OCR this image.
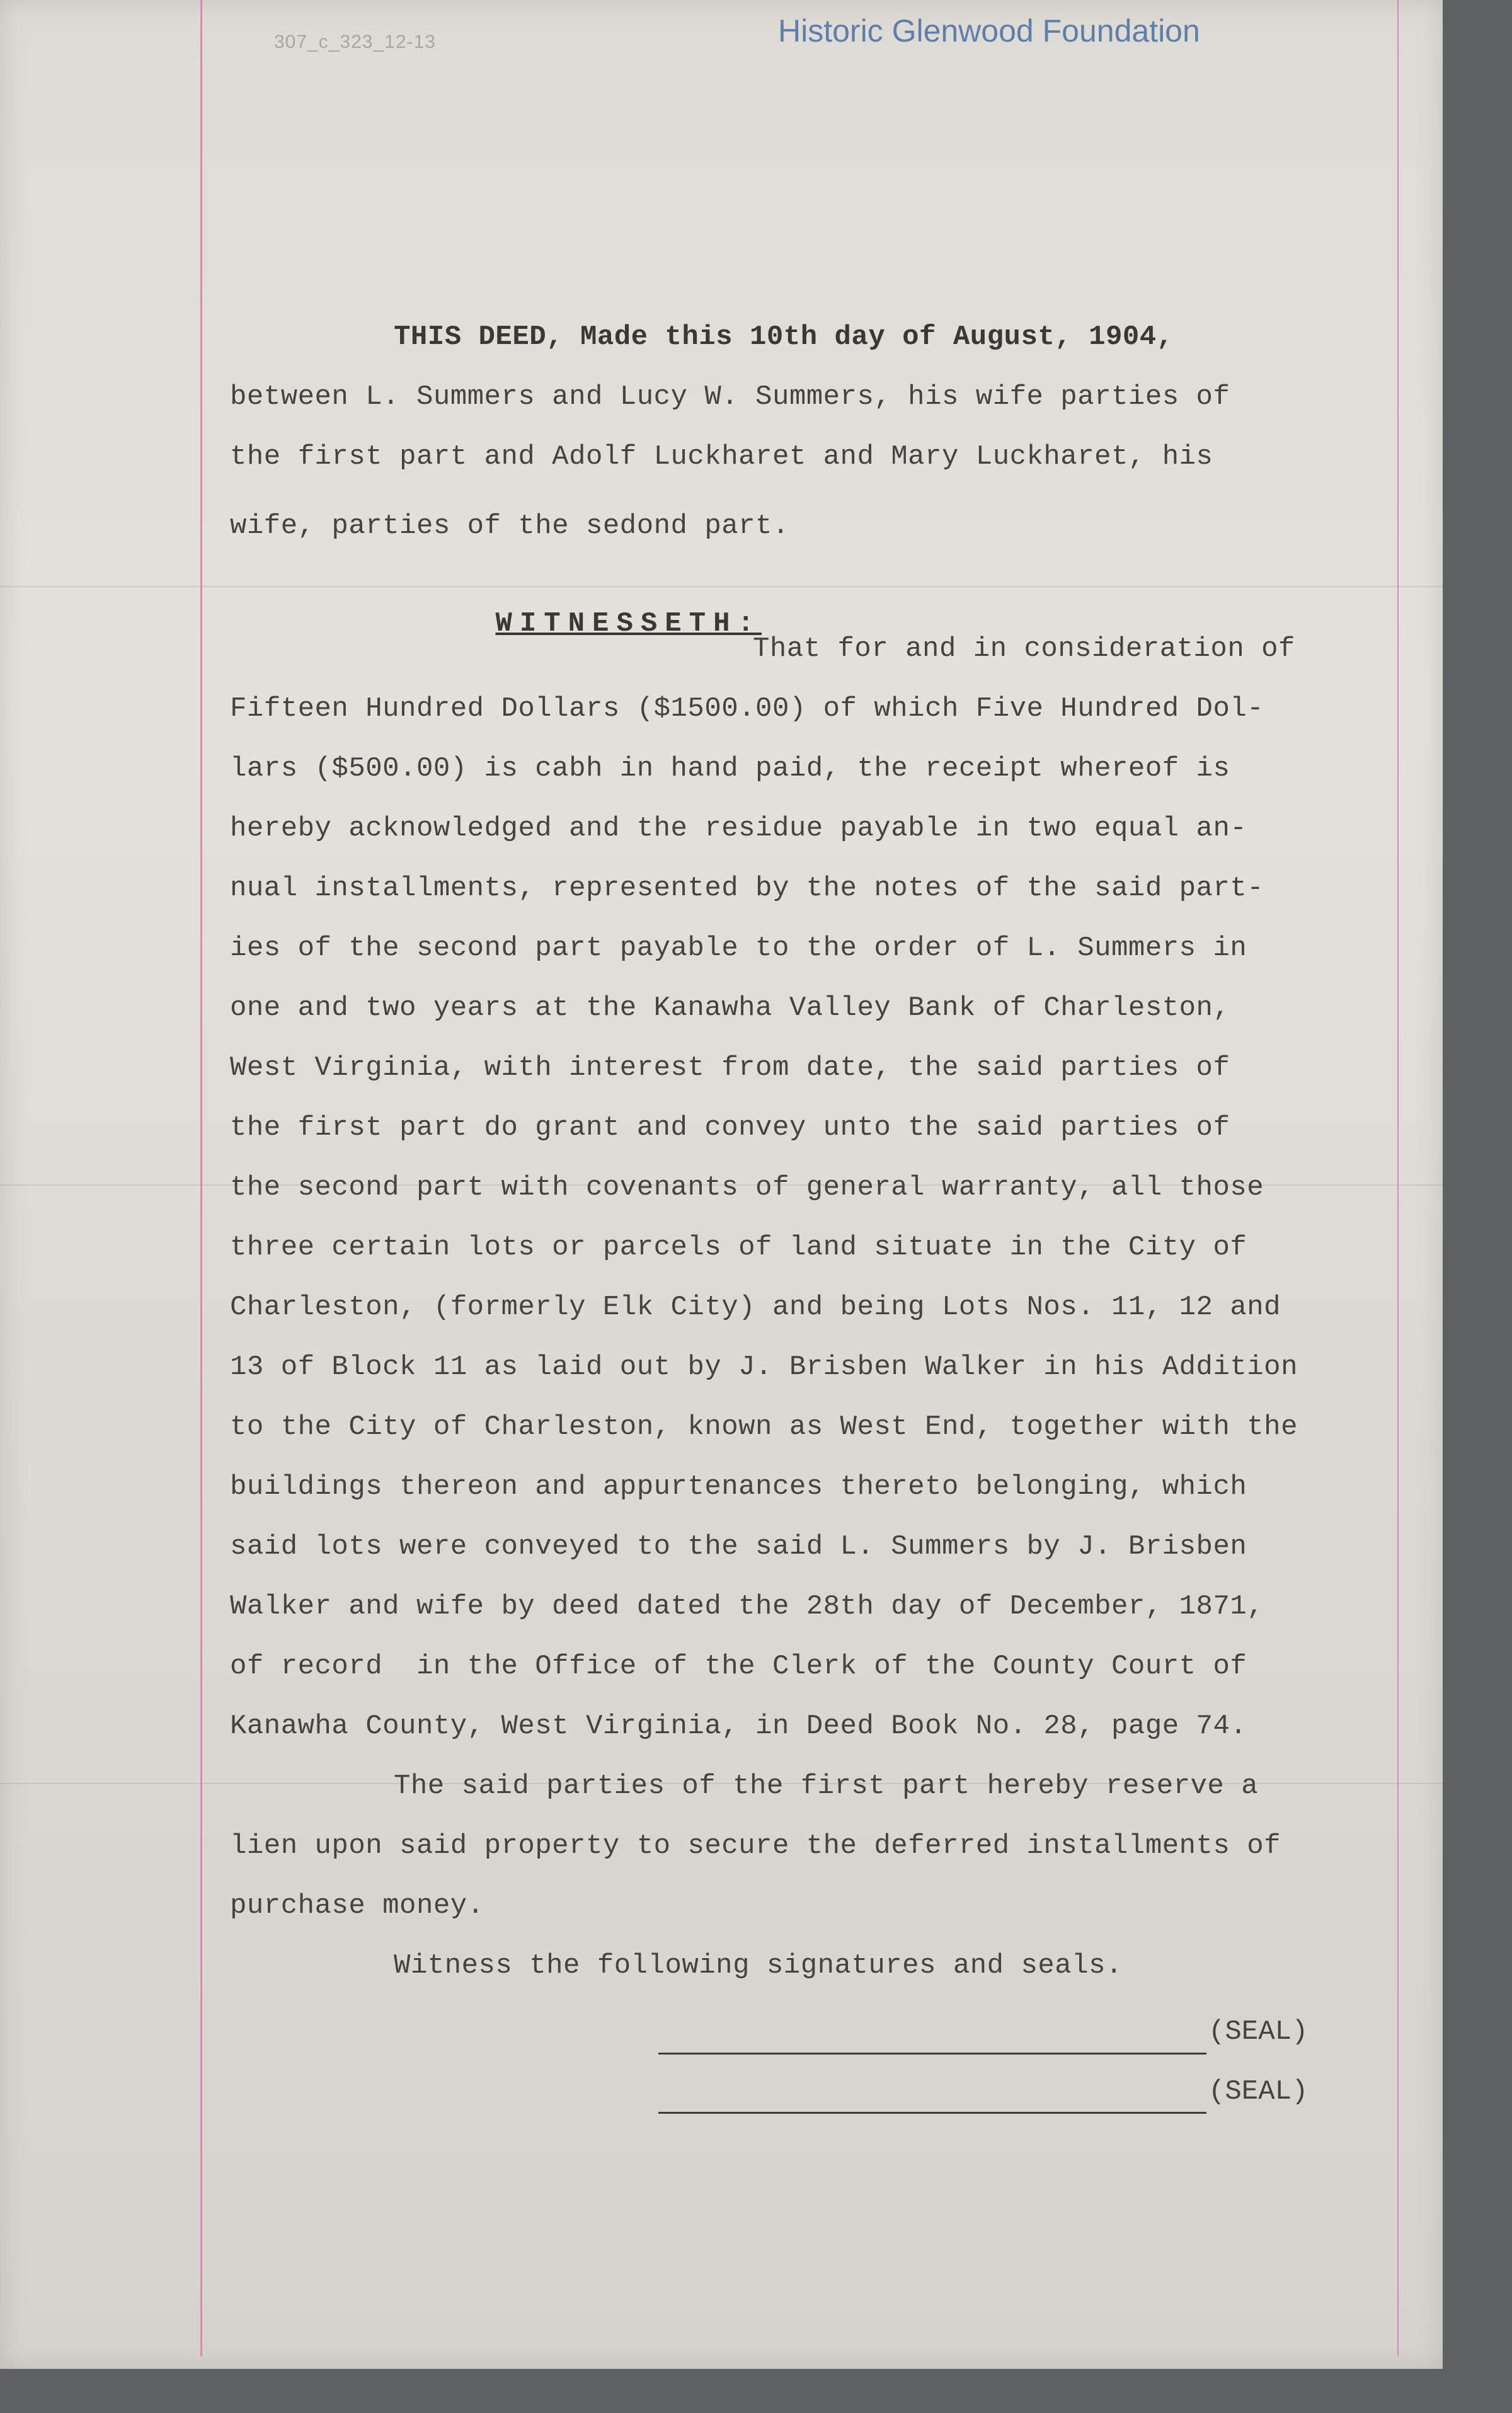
307_c_323_12-13	Historic Glenwood Foundation

WITNESSETH:

THIS DEED, Made this 10th day of August, 1904,
between L. Summers and Lucy W. Summers, his wife parties of
the first part and Adolf Luckharet and Mary Luckharet, his
wife, parties of the sedond part.
That for and in consideration of
Fifteen Hundred Dollars ($1500.00) of which Five Hundred Dol-
lars ($500.00) is cabh in hand paid, the receipt whereof is
hereby acknowledged and the residue payable in two equal an-
nual installments, represented by the notes of the said part-
ies of the second part payable to the order of L. Summers in
one and two years at the Kanawha Valley Bank of Charleston,
West Virginia, with interest from date, the said parties of
the first part do grant and convey unto the said parties of
the second part with covenants of general warranty, all those
three certain lots or parcels of land situate in the City of
Charleston, (formerly Elk City) and being Lots Nos. 11, 12 and
13 of Block 11 as laid out by J. Brisben Walker in his Addition
to the City of Charleston, known as West End, together with the
buildings thereon and appurtenances thereto belonging, which
said lots were conveyed to the said L. Summers by J. Brisben
Walker and wife by deed dated the 28th day of December, 1871,
of record  in the Office of the Clerk of the County Court of
Kanawha County, West Virginia, in Deed Book No. 28, page 74.
The said parties of the first part hereby reserve a
lien upon said property to secure the deferred installments of
purchase money.
Witness the following signatures and seals.
(SEAL)
(SEAL)
